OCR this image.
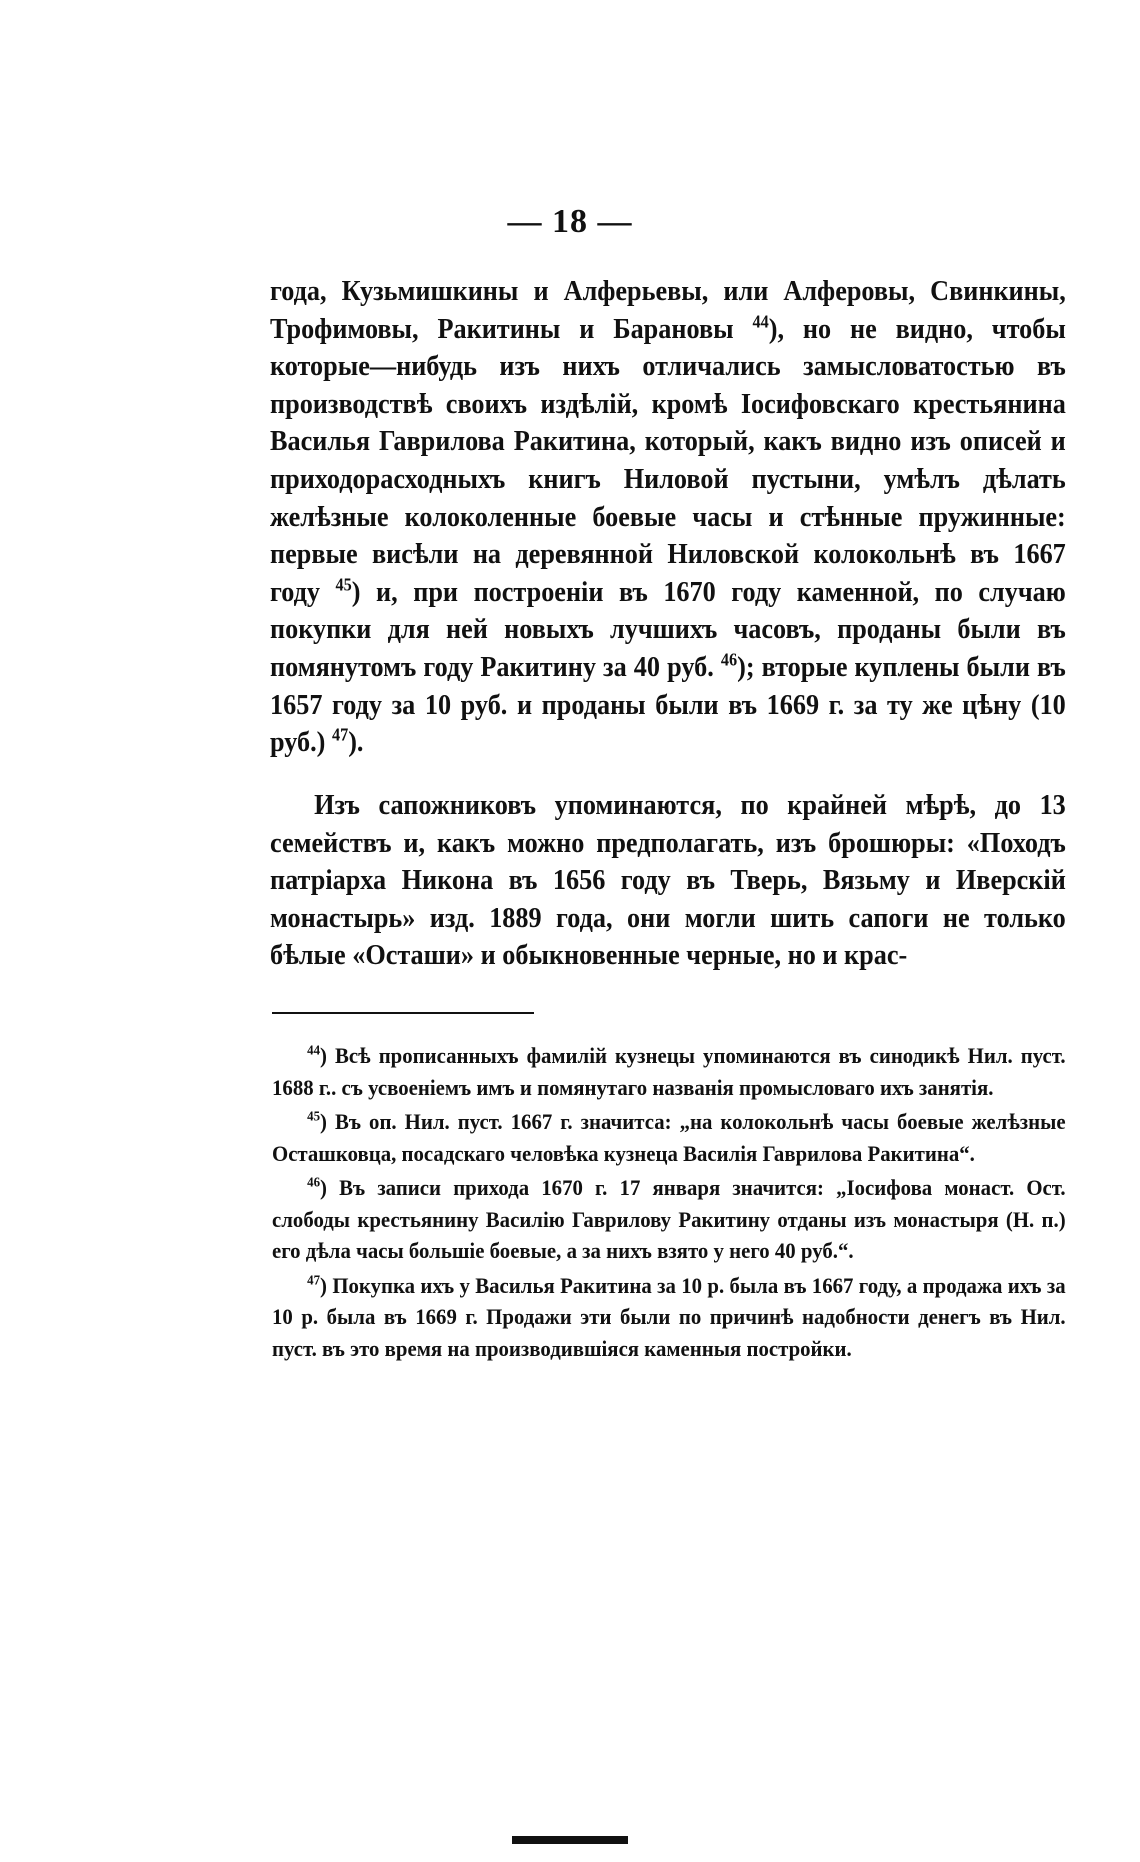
— 18 —
года, Кузьмишкины и Алферьевы, или Алферовы, Свинкины, Трофимовы, Ракитины и Барановы $^{44}$), но не видно, чтобы которые—нибудь изъ нихъ отличались замысловатостью въ производствѣ своихъ издѣлій, кромѣ Іосифовскаго крестьянина Василья Гаврилова Ракитина, который, какъ видно изъ описей и приходорасходныхъ книгъ Ниловой пустыни, умѣлъ дѣлать желѣзные колоколенные боевые часы и стѣнные пружинные: первые висѣли на деревянной Ниловской колокольнѣ въ 1667 году $^{45}$) и, при построеніи въ 1670 году каменной, по случаю покупки для ней новыхъ лучшихъ часовъ, проданы были въ помянутомъ году Ракитину за 40 руб. $^{46}$); вторые куплены были въ 1657 году за 10 руб. и проданы были въ 1669 г. за ту же цѣну (10 руб.) $^{47}$).
Изъ сапожниковъ упоминаются, по крайней мѣрѣ, до 13 семействъ и, какъ можно предполагать, изъ брошюры: «Походъ патріарха Никона въ 1656 году въ Тверь, Вязьму и Иверскій монастырь» изд. 1889 года, они могли шить сапоги не только бѣлые «Осташи» и обыкновенные черные, но и крас-

$^{44}$) Всѣ прописанныхъ фамилій кузнецы упоминаются въ синодикѣ Нил. пуст. 1688 г.. съ усвоеніемъ имъ и помянутаго названія промысловаго ихъ занятія.

$^{45}$) Въ оп. Нил. пуст. 1667 г. значитса: „на колокольнѣ часы боевые желѣзные Осташковца, посадскаго человѣка кузнеца Василія Гаврилова Ракитина“.

$^{46}$) Въ записи прихода 1670 г. 17 января значится: „Іосифова монаст. Ост. слободы крестьянину Василію Гаврилову Ракитину отданы изъ монастыря (Н. п.) его дѣла часы большіе боевые, а за нихъ взято у него 40 руб.“.

$^{47}$) Покупка ихъ у Василья Ракитина за 10 р. была въ 1667 году, а продажа ихъ за 10 р. была въ 1669 г. Продажи эти были по причинѣ надобности денегъ въ Нил. пуст. въ это время на производившіяся каменныя постройки.
